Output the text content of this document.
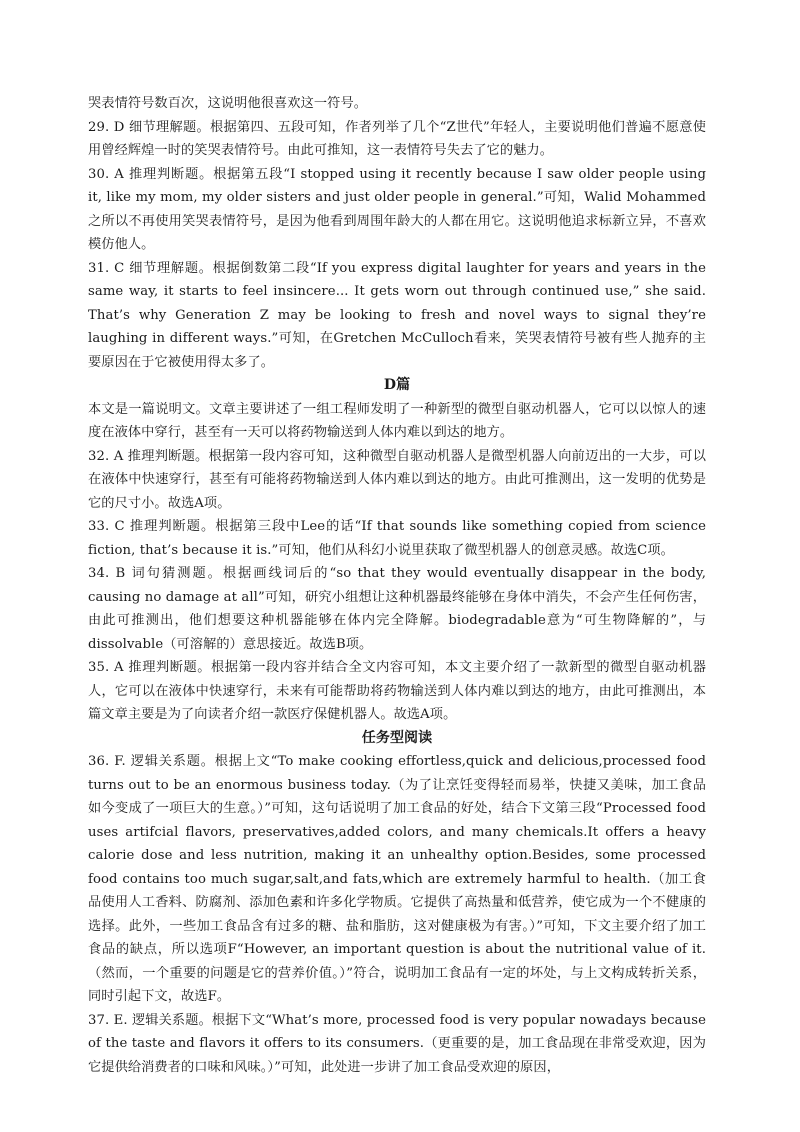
哭表情符号数百次，这说明他很喜欢这一符号。

29. D 细节理解题。根据第四、五段可知，作者列举了几个“Z世代”年轻人，主要说明他们普遍不愿意使用曾经辉煌一时的笑哭表情符号。由此可推知，这一表情符号失去了它的魅力。

30. A 推理判断题。根据第五段“I stopped using it recently because I saw older people using it, like my mom, my older sisters and just older people in general.”可知，Walid Mohammed之所以不再使用笑哭表情符号，是因为他看到周围年龄大的人都在用它。这说明他追求标新立异，不喜欢模仿他人。

31. C 细节理解题。根据倒数第二段“If you express digital laughter for years and years in the same way, it starts to feel insincere... It gets worn out through continued use,” she said. That’s why Generation Z may be looking to fresh and novel ways to signal they’re laughing in different ways.”可知，在Gretchen McCulloch看来，笑哭表情符号被有些人抛弃的主要原因在于它被使用得太多了。

D篇

本文是一篇说明文。文章主要讲述了一组工程师发明了一种新型的微型自驱动机器人，它可以以惊人的速度在液体中穿行，甚至有一天可以将药物输送到人体内难以到达的地方。

32. A 推理判断题。根据第一段内容可知，这种微型自驱动机器人是微型机器人向前迈出的一大步，可以在液体中快速穿行，甚至有可能将药物输送到人体内难以到达的地方。由此可推测出，这一发明的优势是它的尺寸小。故选A项。

33. C 推理判断题。根据第三段中Lee的话“If that sounds like something copied from science fiction, that’s because it is.”可知，他们从科幻小说里获取了微型机器人的创意灵感。故选C项。

34. B 词句猜测题。根据画线词后的“so that they would eventually disappear in the body, causing no damage at all”可知，研究小组想让这种机器最终能够在身体中消失，不会产生任何伤害，由此可推测出，他们想要这种机器能够在体内完全降解。biodegradable意为“可生物降解的”，与dissolvable（可溶解的）意思接近。故选B项。

35. A 推理判断题。根据第一段内容并结合全文内容可知，本文主要介绍了一款新型的微型自驱动机器人，它可以在液体中快速穿行，未来有可能帮助将药物输送到人体内难以到达的地方，由此可推测出，本篇文章主要是为了向读者介绍一款医疗保健机器人。故选A项。

任务型阅读

36. F. 逻辑关系题。根据上文“To make cooking effortless,quick and delicious,processed food turns out to be an enormous business today.（为了让烹饪变得轻而易举，快捷又美味，加工食品如今变成了一项巨大的生意。）”可知，这句话说明了加工食品的好处，结合下文第三段“Processed food uses artifcial flavors, preservatives,added colors, and many chemicals.It offers a heavy calorie dose and less nutrition, making it an unhealthy option.Besides, some processed food contains too much sugar,salt,and fats,which are extremely harmful to health.（加工食品使用人工香料、防腐剂、添加色素和许多化学物质。它提供了高热量和低营养，使它成为一个不健康的选择。此外，一些加工食品含有过多的糖、盐和脂肪，这对健康极为有害。）”可知，下文主要介绍了加工食品的缺点，所以选项F“However, an important question is about the nutritional value of it.（然而，一个重要的问题是它的营养价值。）”符合，说明加工食品有一定的坏处，与上文构成转折关系，同时引起下文，故选F。

37. E. 逻辑关系题。根据下文“What’s more, processed food is very popular nowadays because of the taste and flavors it offers to its consumers.（更重要的是，加工食品现在非常受欢迎，因为它提供给消费者的口味和风味。）”可知，此处进一步讲了加工食品受欢迎的原因，
